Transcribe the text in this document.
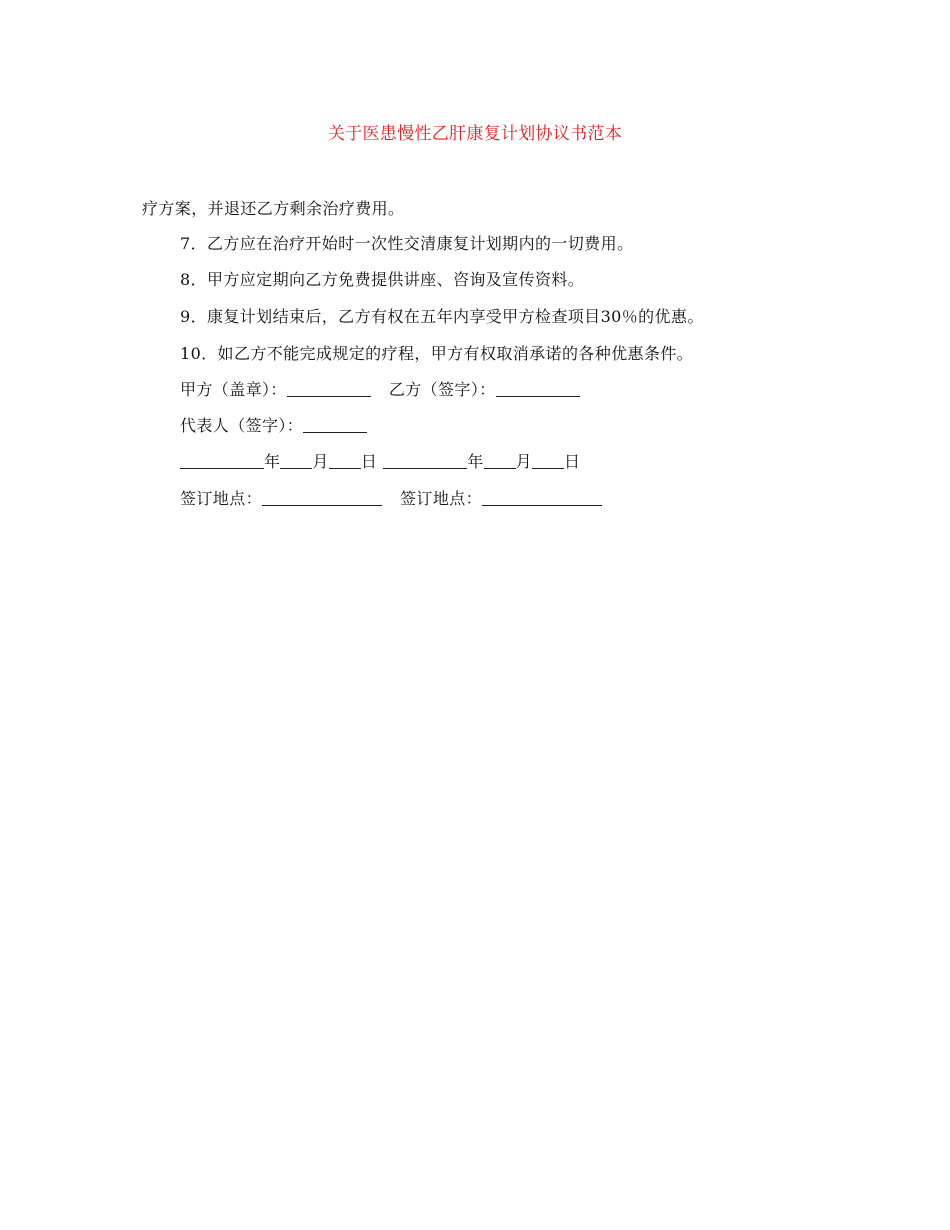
关于医患慢性乙肝康复计划协议书范本
疗方案，并退还乙方剩余治疗费用。
7．乙方应在治疗开始时一次性交清康复计划期内的一切费用。
8．甲方应定期向乙方免费提供讲座、咨询及宣传资料。
9．康复计划结束后，乙方有权在五年内享受甲方检查项目30％的优惠。
10．如乙方不能完成规定的疗程，甲方有权取消承诺的各种优惠条件。
甲方（盖章）：	乙方（签字）：
代表人（签字）：
年 月 日	年 月 日
签订地点：	签订地点：
